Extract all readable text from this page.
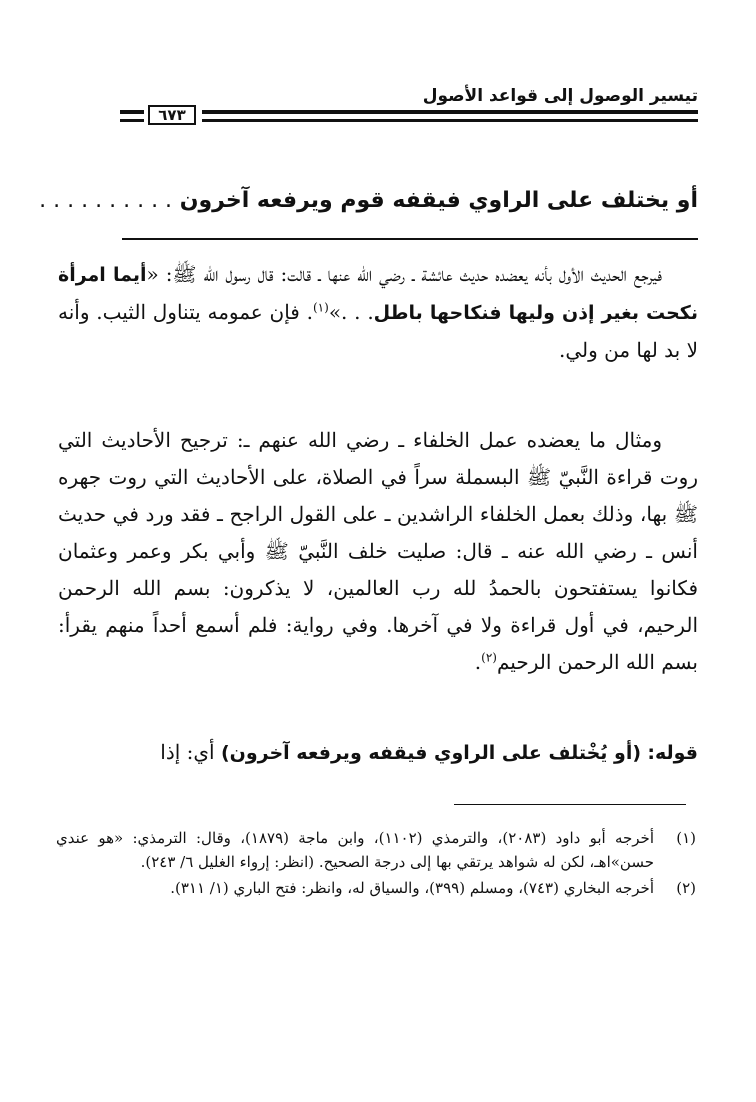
تيسير الوصول إلى قواعد الأصول
٦٧٣
أو يختلف على الراوي فيقفه قوم ويرفعه آخرون . . . . . . . . . .

فيرجع الحديث الأول بأنه يعضده حديث عائشة ـ رضي الله عنها ـ قالت: قال رسول الله ﷺ: «أيما امرأة نكحت بغير إذن وليها فنكاحها باطل. . .»$^{(١)}$. فإن عمومه يتناول الثيب. وأنه لا بد لها من ولي.

ومثال ما يعضده عمل الخلفاء ـ رضي الله عنهم ـ: ترجيح الأحاديث التي روت قراءة النَّبيّ ﷺ البسملة سراً في الصلاة، على الأحاديث التي روت جهره ﷺ بها، وذلك بعمل الخلفاء الراشدين ـ على القول الراجح ـ فقد ورد في حديث أنس ـ رضي الله عنه ـ قال: صليت خلف النَّبيّ ﷺ وأبي بكر وعمر وعثمان فكانوا يستفتحون بالحمدُ لله رب العالمين، لا يذكرون: بسم الله الرحمن الرحيم، في أول قراءة ولا في آخرها. وفي رواية: فلم أسمع أحداً منهم يقرأ: بسم الله الرحمن الرحيم$^{(٢)}$.

قوله: (أو يُخْتلف على الراوي فيقفه ويرفعه آخرون) أي: إذا

(١)
أخرجه أبو داود (٢٠٨٣)، والترمذي (١١٠٢)، وابن ماجة (١٨٧٩)، وقال: الترمذي: «هو عندي حسن»اهـ، لكن له شواهد يرتقي بها إلى درجة الصحيح. (انظر: إرواء الغليل ٦/ ٢٤٣).
(٢)
أخرجه البخاري (٧٤٣)، ومسلم (٣٩٩)، والسياق له، وانظر: فتح الباري (١/ ٣١١).
